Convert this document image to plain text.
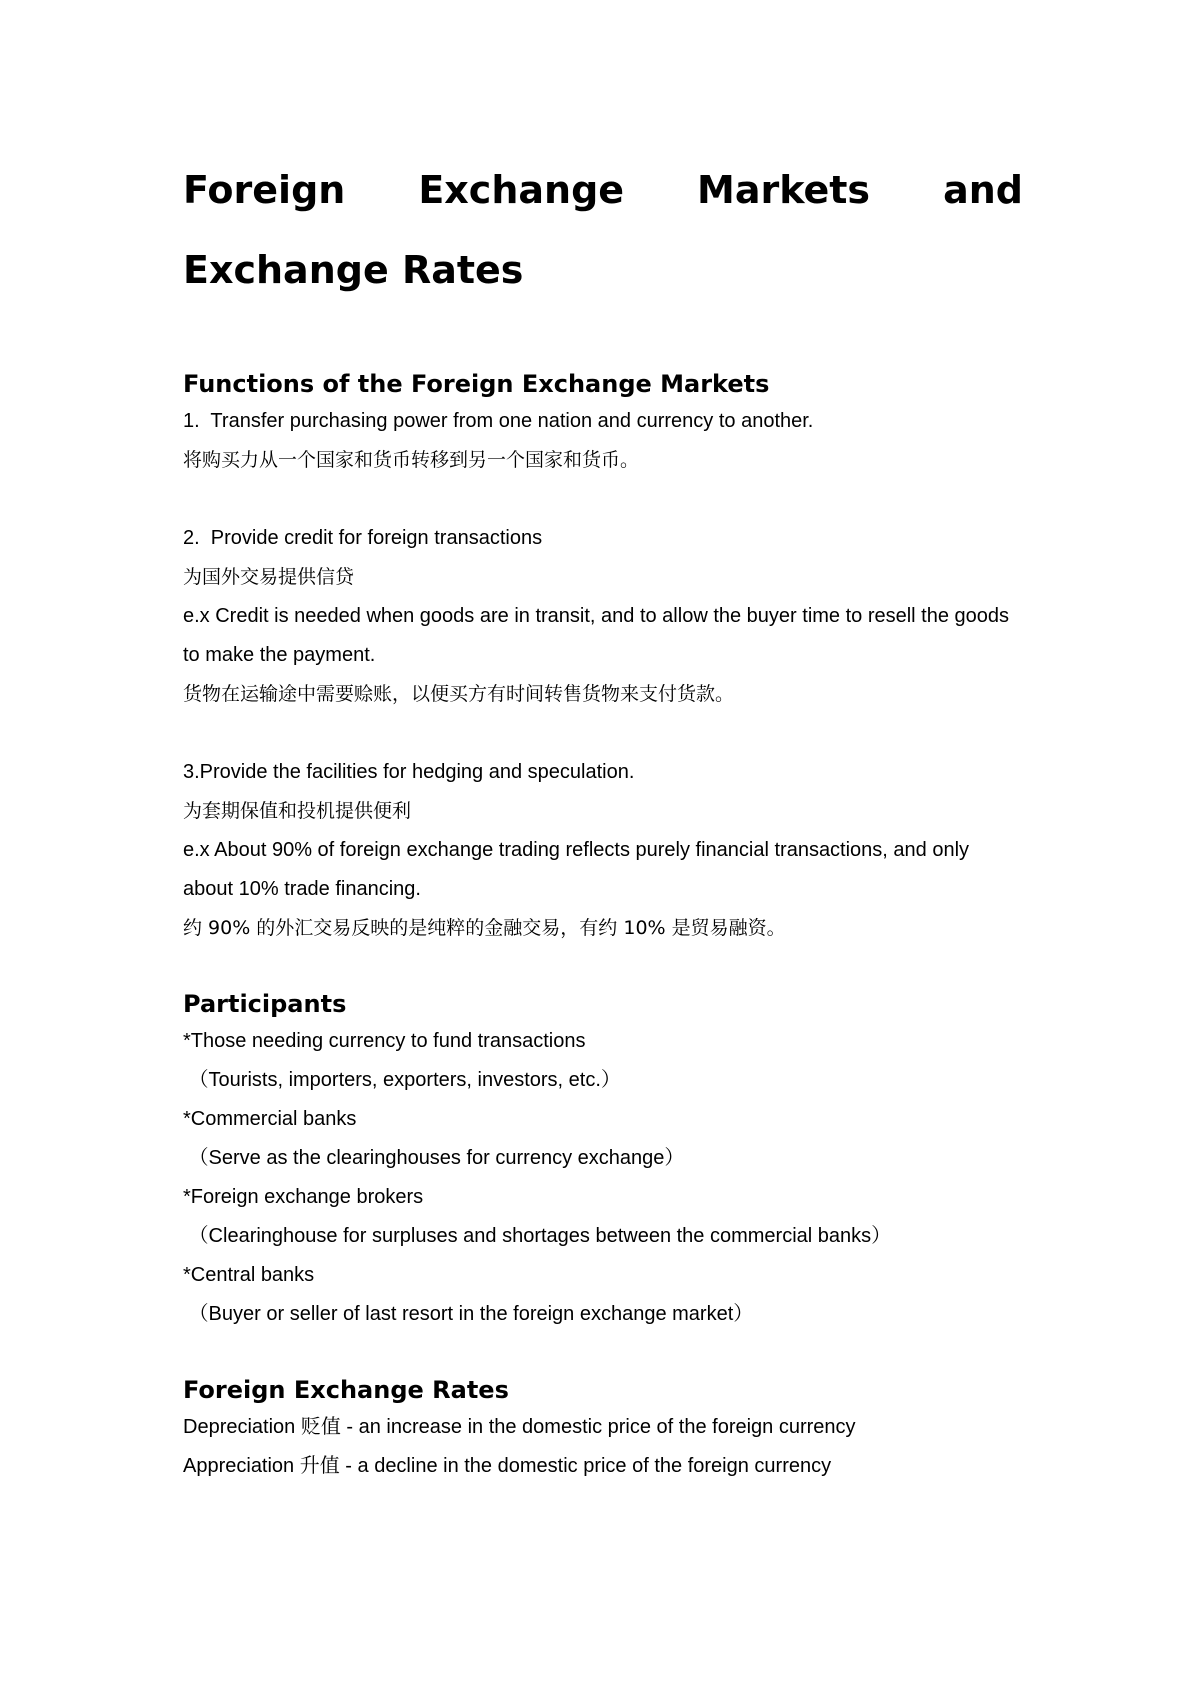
Foreign Exchange Markets and
Exchange Rates
Functions of the Foreign Exchange Markets

1.  Transfer purchasing power from one nation and currency to another.

将购买力从一个国家和货币转移到另一个国家和货币。

2.  Provide credit for foreign transactions

为国外交易提供信贷

e.x Credit is needed when goods are in transit, and to allow the buyer time to resell the goods to make the payment.

货物在运输途中需要赊账，以便买方有时间转售货物来支付货款。

3.Provide the facilities for hedging and speculation.

为套期保值和投机提供便利

e.x About 90% of foreign exchange trading reflects purely financial transactions, and only about 10% trade financing.

约 90% 的外汇交易反映的是纯粹的金融交易，有约 10% 是贸易融资。

Participants

*Those needing currency to fund transactions

（Tourists, importers, exporters, investors, etc.）

*Commercial banks

（Serve as the clearinghouses for currency exchange）

*Foreign exchange brokers

（Clearinghouse for surpluses and shortages between the commercial banks）

*Central banks

（Buyer or seller of last resort in the foreign exchange market）

Foreign Exchange Rates

Depreciation 贬值 - an increase in the domestic price of the foreign currency

Appreciation 升值 - a decline in the domestic price of the foreign currency
